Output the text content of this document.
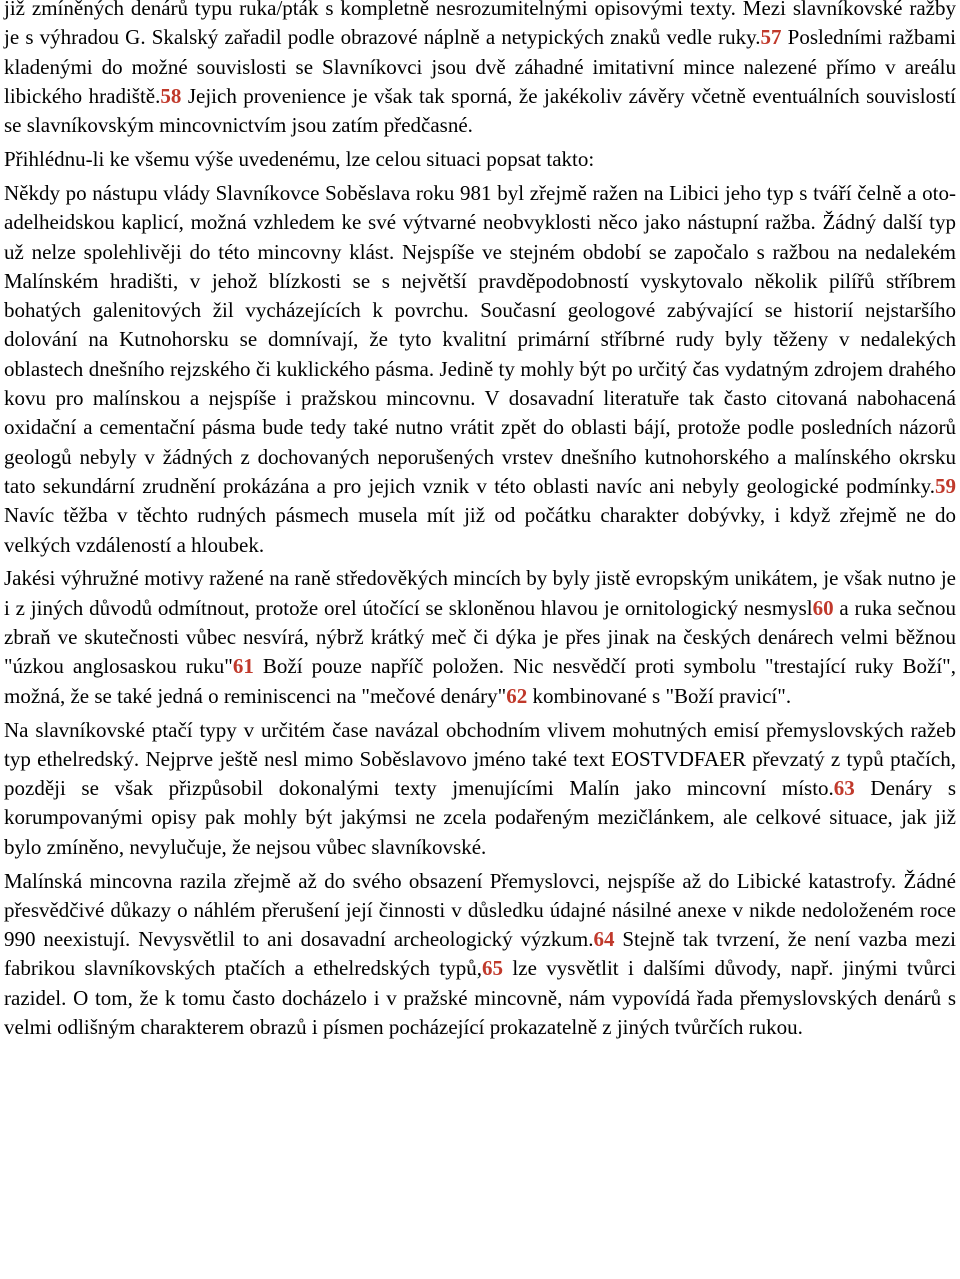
již zmíněných denárů typu ruka/pták s kompletně nesrozumitelnými opisovými texty. Mezi slavníkovské ražby je s výhradou G. Skalský zařadil podle obrazové náplně a netypických znaků vedle ruky.57 Posledními ražbami kladenými do možné souvislosti se Slavníkovci jsou dvě záhadné imitativní mince nalezené přímo v areálu libického hradiště.58 Jejich provenience je však tak sporná, že jakékoliv závěry včetně eventuálních souvislostí se slavníkovským mincovnictvím jsou zatím předčasné.

Přihlédnu-li ke všemu výše uvedenému, lze celou situaci popsat takto:

Někdy po nástupu vlády Slavníkovce Soběslava roku 981 byl zřejmě ražen na Libici jeho typ s tváří čelně a oto-adelheidskou kaplicí, možná vzhledem ke své výtvarné neobvyklosti něco jako nástupní ražba. Žádný další typ už nelze spolehlivěji do této mincovny klást. Nejspíše ve stejném období se započalo s ražbou na nedalekém Malínském hradišti, v jehož blízkosti se s největší pravděpodobností vyskytovalo několik pilířů stříbrem bohatých galenitových žil vycházejících k povrchu. Současní geologové zabývající se historií nejstaršího dolování na Kutnohorsku se domnívají, že tyto kvalitní primární stříbrné rudy byly těženy v nedalekých oblastech dnešního rejzského či kuklického pásma. Jedině ty mohly být po určitý čas vydatným zdrojem drahého kovu pro malínskou a nejspíše i pražskou mincovnu. V dosavadní literatuře tak často citovaná nabohacená oxidační a cementační pásma bude tedy také nutno vrátit zpět do oblasti bájí, protože podle posledních názorů geologů nebyly v žádných z dochovaných neporušených vrstev dnešního kutnohorského a malínského okrsku tato sekundární zrudnění prokázána a pro jejich vznik v této oblasti navíc ani nebyly geologické podmínky.59 Navíc těžba v těchto rudných pásmech musela mít již od počátku charakter dobývky, i když zřejmě ne do velkých vzdáleností a hloubek.

Jakési výhružné motivy ražené na raně středověkých mincích by byly jistě evropským unikátem, je však nutno je i z jiných důvodů odmítnout, protože orel útočící se skloněnou hlavou je ornitologický nesmysl60 a ruka sečnou zbraň ve skutečnosti vůbec nesvírá, nýbrž krátký meč či dýka je přes jinak na českých denárech velmi běžnou "úzkou anglosaskou ruku"61 Boží pouze napříč položen. Nic nesvědčí proti symbolu "trestající ruky Boží", možná, že se také jedná o reminiscenci na "mečové denáry"62 kombinované s "Boží pravicí".

Na slavníkovské ptačí typy v určitém čase navázal obchodním vlivem mohutných emisí přemyslovských ražeb typ ethelredský. Nejprve ještě nesl mimo Soběslavovo jméno také text EOSTVDFAER převzatý z typů ptačích, později se však přizpůsobil dokonalými texty jmenujícími Malín jako mincovní místo.63 Denáry s korumpovanými opisy pak mohly být jakýmsi ne zcela podařeným mezičlánkem, ale celkové situace, jak již bylo zmíněno, nevylučuje, že nejsou vůbec slavníkovské.

Malínská mincovna razila zřejmě až do svého obsazení Přemyslovci, nejspíše až do Libické katastrofy. Žádné přesvědčivé důkazy o náhlém přerušení její činnosti v důsledku údajné násilné anexe v nikde nedoloženém roce 990 neexistují. Nevysvětlil to ani dosavadní archeologický výzkum.64 Stejně tak tvrzení, že není vazba mezi fabrikou slavníkovských ptačích a ethelredských typů,65 lze vysvětlit i dalšími důvody, např. jinými tvůrci razidel. O tom, že k tomu často docházelo i v pražské mincovně, nám vypovídá řada přemyslovských denárů s velmi odlišným charakterem obrazů i písmen pocházející prokazatelně z jiných tvůrčích rukou.
